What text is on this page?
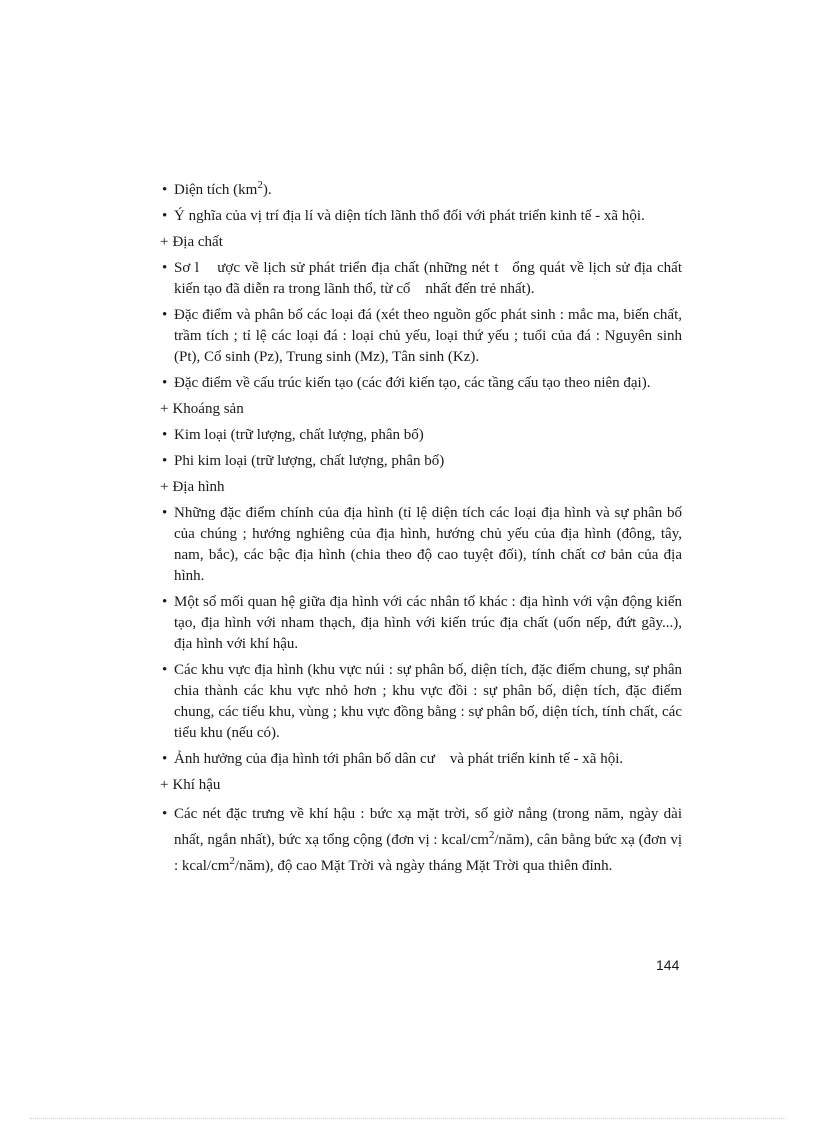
• Diện tích $(km^2)$.
• Ý nghĩa của vị trí địa lí và diện tích lãnh thổ đối với phát triển kinh tế - xã hội.
+ Địa chất
• Sơ l    ược về lịch sử phát triển địa chất (những nét t   ổng quát về lịch sử địa chất kiến tạo đã diễn ra trong lãnh thổ, từ cổ    nhất đến trẻ nhất).
• Đặc điểm và phân bố các loại đá (xét theo nguồn gốc phát sinh : mắc ma, biến chất, trầm tích ; tỉ lệ các loại đá : loại chủ yếu, loại thứ yếu ; tuổi của đá : Nguyên sinh (Pt), Cổ sinh (Pz), Trung sinh (Mz), Tân sinh (Kz).
• Đặc điểm về cấu trúc kiến tạo (các đới kiến tạo, các tầng cấu tạo theo niên đại).
+ Khoáng sản
• Kim loại (trữ lượng, chất lượng, phân bố)
• Phi kim loại (trữ lượng, chất lượng, phân bố)
+ Địa hình
• Những đặc điểm chính của địa hình (tỉ lệ diện tích các loại địa hình và sự phân bố của chúng ; hướng nghiêng của địa hình, hướng chủ yếu của địa hình (đông, tây, nam, bắc), các bậc địa hình (chia theo độ cao tuyệt đối), tính chất cơ bản của địa hình.
• Một số mối quan hệ giữa địa hình với các nhân tố khác : địa hình với vận động kiến tạo, địa hình với nham thạch, địa hình với kiến trúc địa chất (uốn nếp, đứt gãy...), địa hình với khí hậu.
• Các khu vực địa hình (khu vực núi : sự phân bố, diện tích, đặc điểm chung, sự phân chia thành các khu vực nhỏ hơn ; khu vực đồi : sự phân bố, diện tích, đặc điểm chung, các tiểu khu, vùng ; khu vực đồng bằng : sự phân bố, diện tích, tính chất, các tiểu khu (nếu có).
• Ảnh hưởng của địa hình tới phân bố dân cư    và phát triển kinh tế - xã hội.
+ Khí hậu
• Các nét đặc trưng về khí hậu : bức xạ mặt trời, số giờ nắng (trong năm, ngày dài nhất, ngắn nhất), bức xạ tổng cộng (đơn vị : kcal/$cm^2/năm$), cân bằng bức xạ (đơn vị : kcal/$cm^2/năm$), độ cao Mặt Trời và ngày tháng Mặt Trời qua thiên đỉnh.
144
